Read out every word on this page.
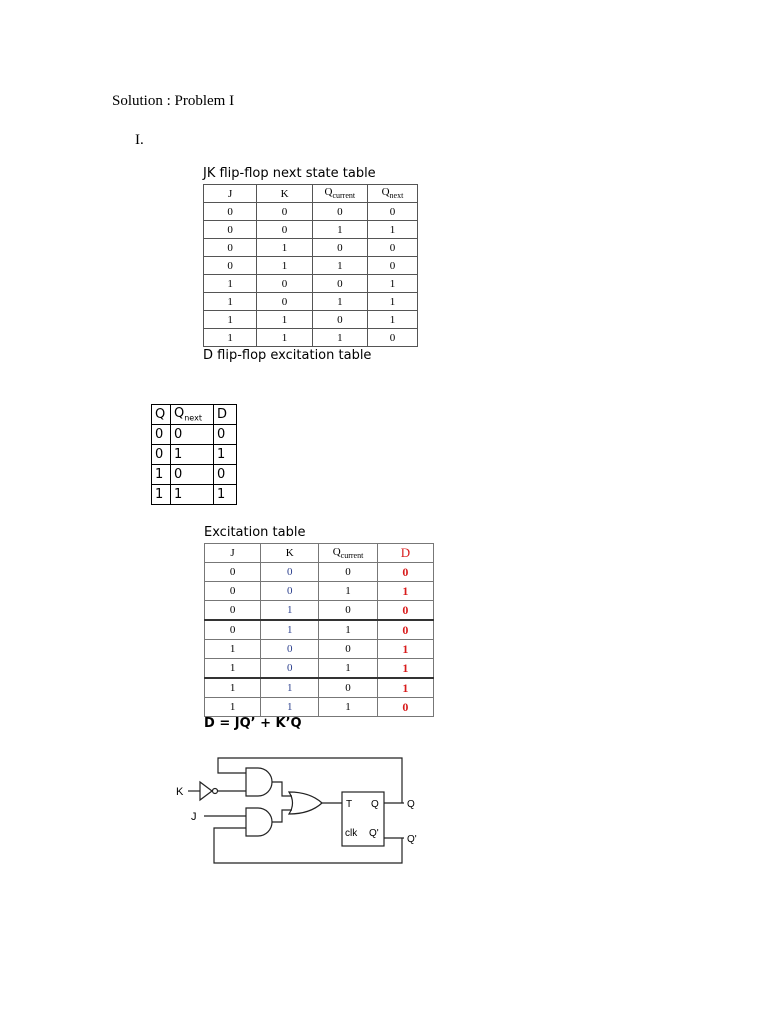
Solution : Problem I
I.
JK flip-flop next state table
J	K	$Q_{current}$	$Q_{next}$
0	0	0	0
0	0	1	1
0	1	0	0
0	1	1	0
1	0	0	1
1	0	1	1
1	1	0	1
1	1	1	0
D flip-flop excitation table
Q	$Q_{next}$	D
0	0	0
0	1	1
1	0	0
1	1	1
Excitation table
J	K	$Q_{current}$	D
0	0	0	0
0	0	1	1
0	1	0	0
0	1	1	0
1	0	0	1
1	0	1	1
1	1	0	1
1	1	1	0
D = JQ’ + K’Q
K
J
T Q
clk Q'
Q
Q'
